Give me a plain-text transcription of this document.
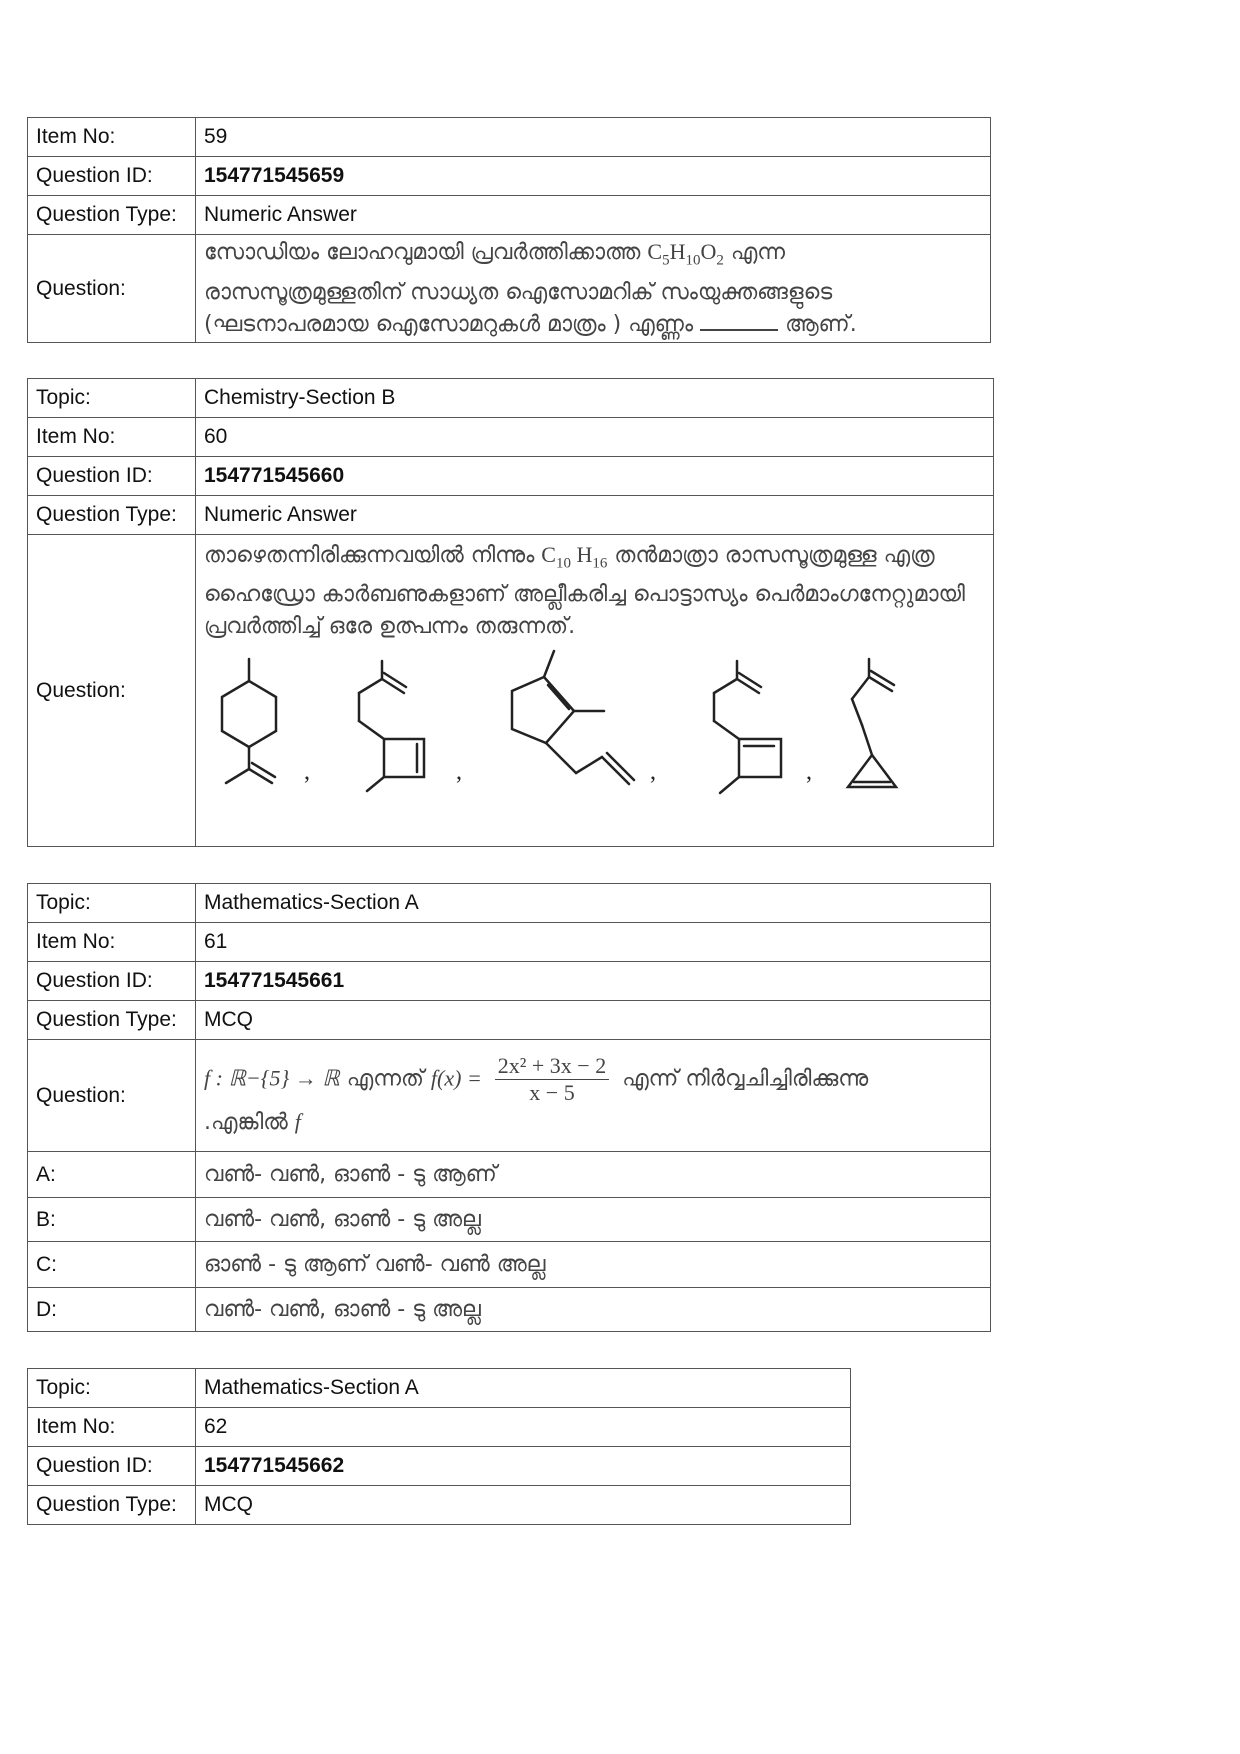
Item No:	59
Question ID:	154771545659
Question Type:	Numeric Answer
Question:	സോഡിയം ലോഹവുമായി പ്രവർത്തിക്കാത്ത $C_5H_{10}O_2$ എന്ന രാസസൂത്രമുള്ളതിന് സാധ്യത ഐസോമറിക് സംയുക്തങ്ങളുടെ (ഘടനാപരമായ ഐസോമറുകൾ മാത്രം ) എണ്ണം ആണ്.
Topic:	Chemistry-Section B
Item No:	60
Question ID:	154771545660
Question Type:	Numeric Answer
Question:	താഴെതന്നിരിക്കുന്നവയിൽ നിന്നും $C_{10}$ $H_{16}$ തൻമാത്രാ രാസസൂത്രമുള്ള എത്ര ഹൈഡ്രോ കാർബണുകളാണ് അല്ലീകരിച്ച പൊട്ടാസ്യം പെർമാംഗനേറ്റുമായി പ്രവർത്തിച്ച് ഒരേ ഉത്പന്നം തരുന്നത്.
, , , ,
Topic:	Mathematics-Section A
Item No:	61
Question ID:	154771545661
Question Type:	MCQ
Question:	f : ℝ−{5} → ℝ എന്നത് $f(x) = \frac{\text{2x² + 3x − 2}}{x - 5}$ എന്ന് നിർവ്വചിച്ചിരിക്കുന്നു
.എങ്കിൽ f

A:	വൺ- വൺ, ഓൺ - ടു ആണ്
B:	വൺ- വൺ, ഓൺ - ടു അല്ല
C:	ഓൺ - ടു ആണ് വൺ- വൺ അല്ല
D:	വൺ- വൺ, ഓൺ - ടു അല്ല
Topic:	Mathematics-Section A
Item No:	62
Question ID:	154771545662
Question Type:	MCQ
